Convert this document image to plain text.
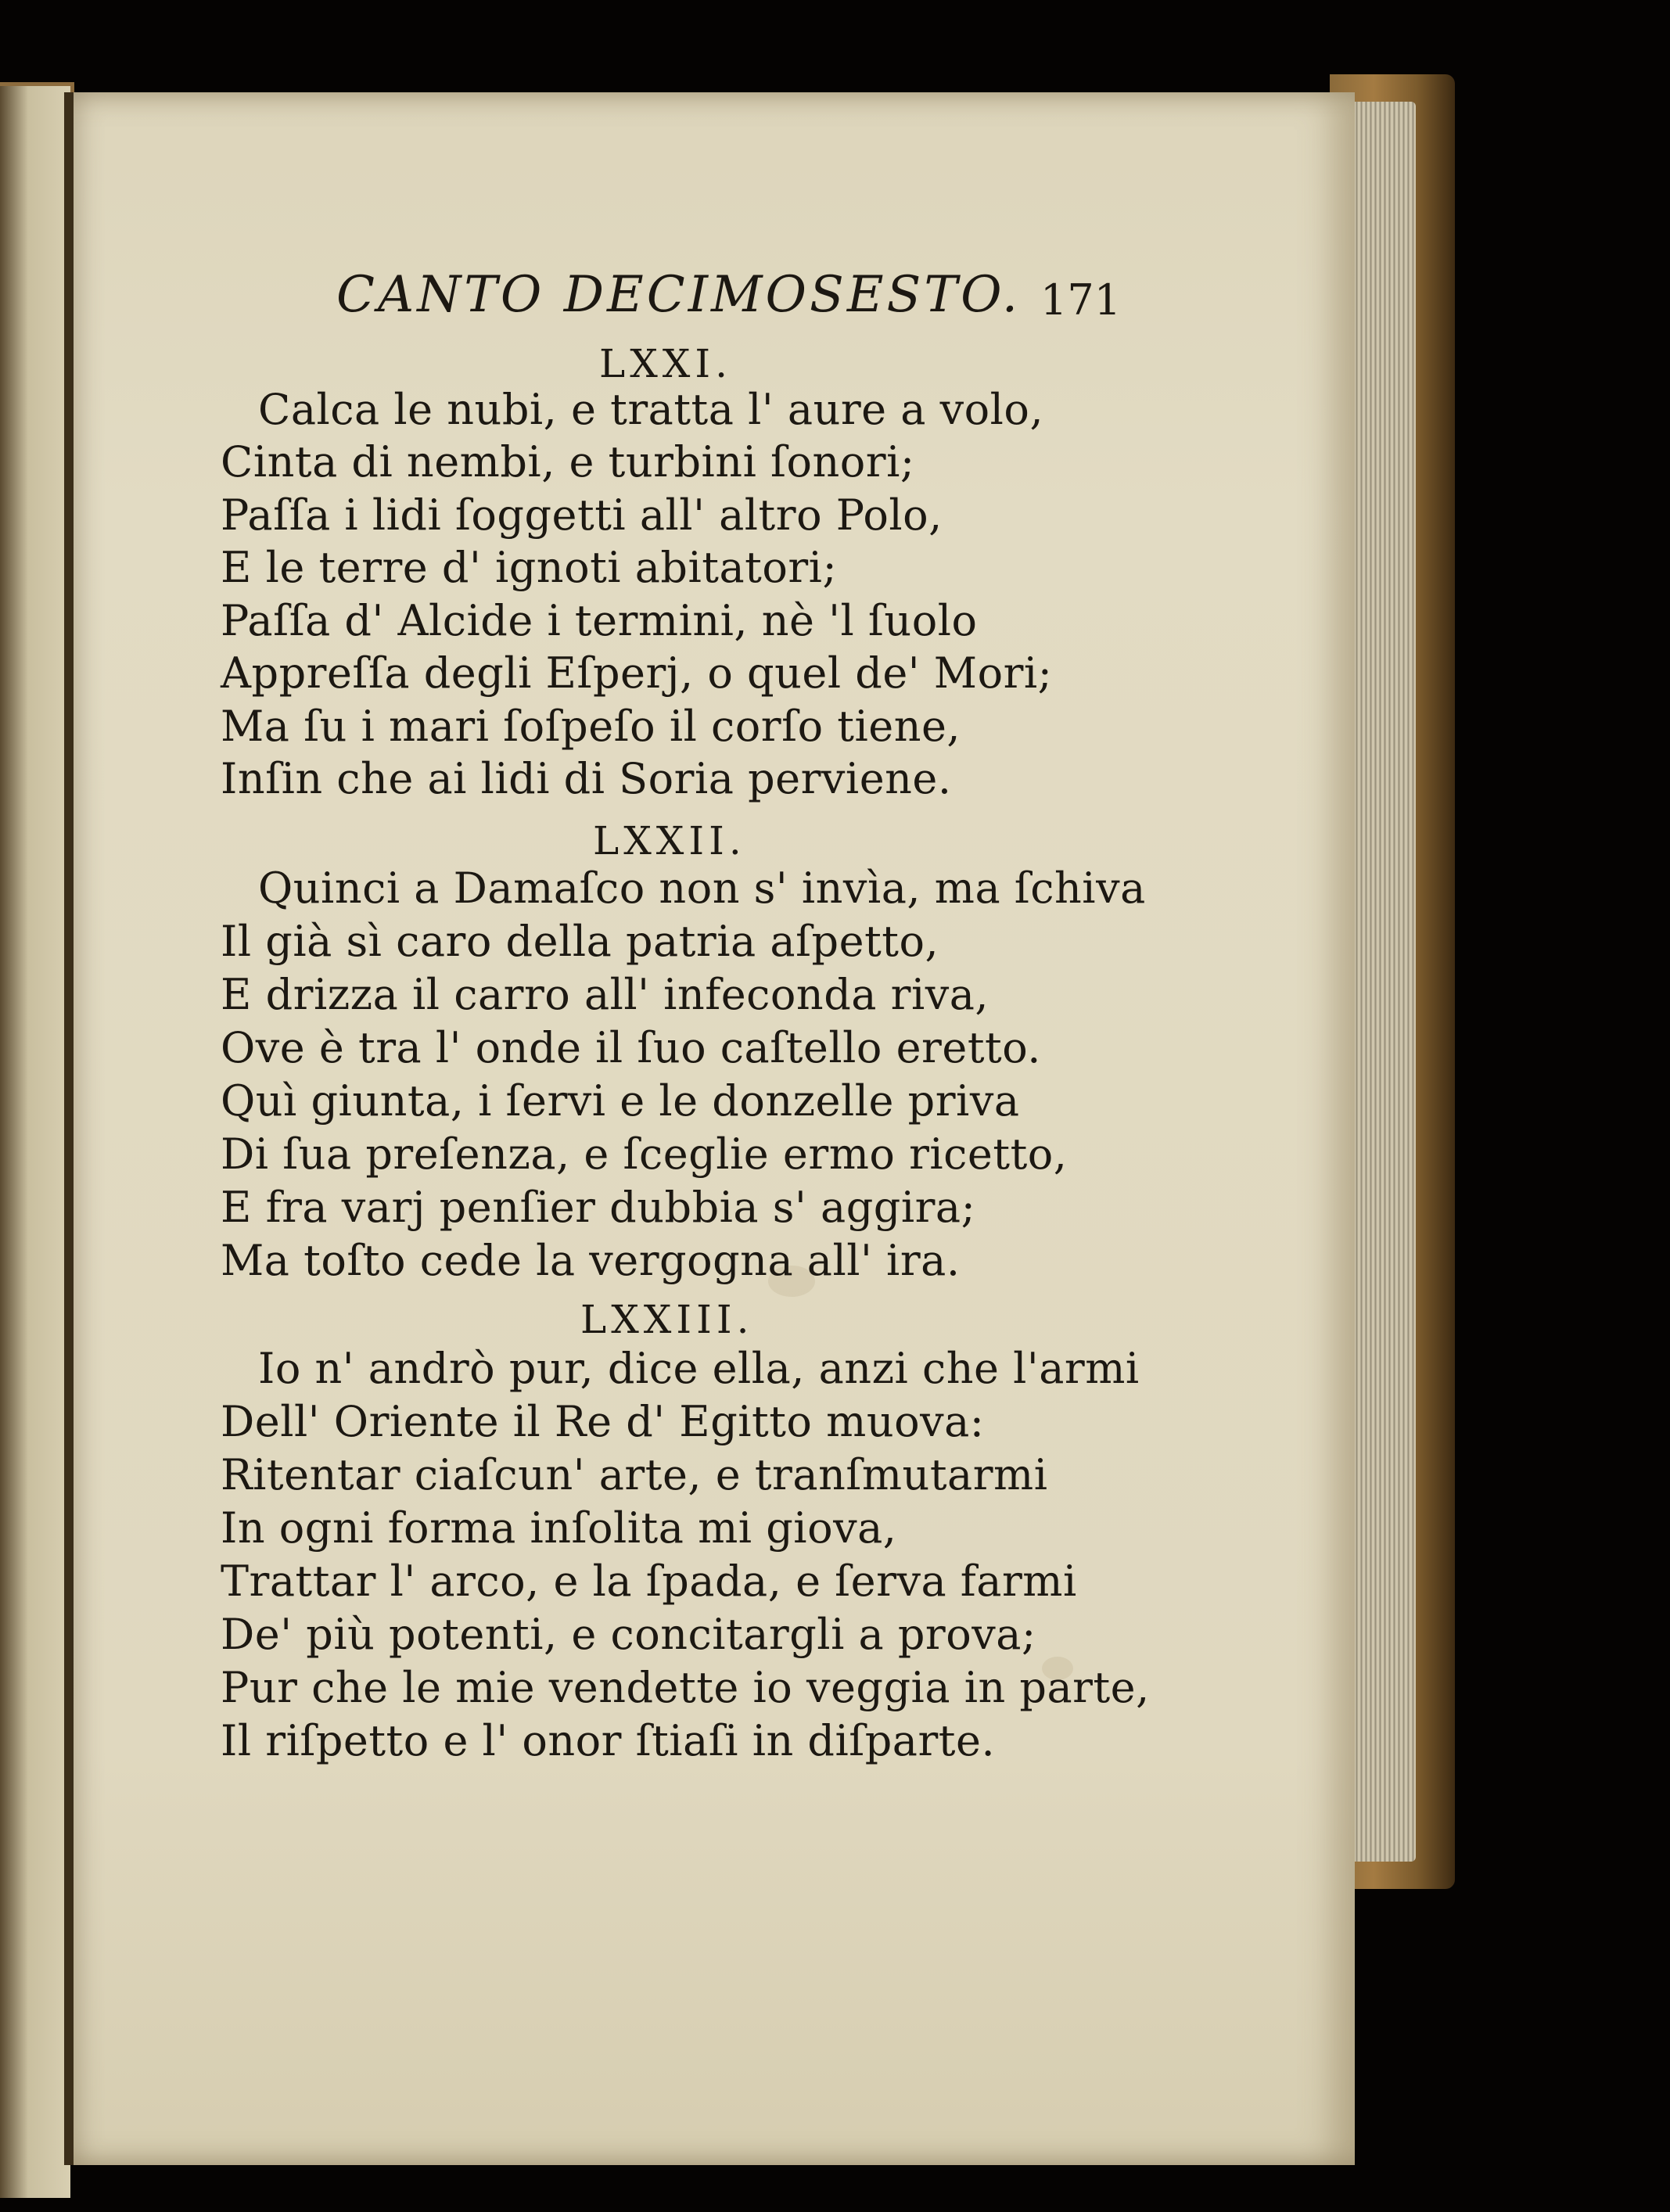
CANTO DECIMOSESTO. 171
LXXI.
Calca le nubi, e tratta l' aure a volo,
Cinta di nembi, e turbini ſonori;
Paſſa i lidi ſoggetti all' altro Polo,
E le terre d' ignoti abitatori;
Paſſa d' Alcide i termini, nè 'l ſuolo
Appreſſa degli Eſperj, o quel de' Mori;
Ma ſu i mari ſoſpeſo il corſo tiene,
Inſin che ai lidi di Soria perviene.
LXXII.
Quinci a Damaſco non s' invìa, ma ſchiva
Il già sì caro della patria aſpetto,
E drizza il carro all' infeconda riva,
Ove è tra l' onde il ſuo caſtello eretto.
Quì giunta, i ſervi e le donzelle priva
Di ſua preſenza, e ſceglie ermo ricetto,
E fra varj penſier dubbia s' aggira;
Ma toſto cede la vergogna all' ira.
LXXIII.
Io n' andrò pur, dice ella, anzi che l'armi
Dell' Oriente il Re d' Egitto muova:
Ritentar ciaſcun' arte, e tranſmutarmi
In ogni forma inſolita mi giova,
Trattar l' arco, e la ſpada, e ſerva farmi
De' più potenti, e concitargli a prova;
Pur che le mie vendette io veggia in parte,
Il riſpetto e l' onor ſtiaſi in diſparte.
